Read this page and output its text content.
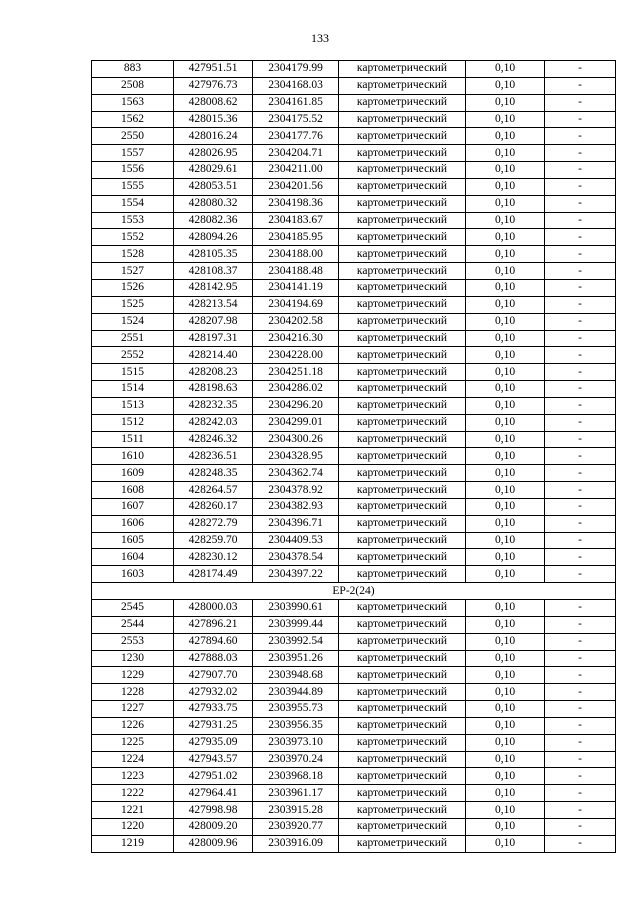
133
883	427951.51	2304179.99	картометрический	0,10	-
2508	427976.73	2304168.03	картометрический	0,10	-
1563	428008.62	2304161.85	картометрический	0,10	-
1562	428015.36	2304175.52	картометрический	0,10	-
2550	428016.24	2304177.76	картометрический	0,10	-
1557	428026.95	2304204.71	картометрический	0,10	-
1556	428029.61	2304211.00	картометрический	0,10	-
1555	428053.51	2304201.56	картометрический	0,10	-
1554	428080.32	2304198.36	картометрический	0,10	-
1553	428082.36	2304183.67	картометрический	0,10	-
1552	428094.26	2304185.95	картометрический	0,10	-
1528	428105.35	2304188.00	картометрический	0,10	-
1527	428108.37	2304188.48	картометрический	0,10	-
1526	428142.95	2304141.19	картометрический	0,10	-
1525	428213.54	2304194.69	картометрический	0,10	-
1524	428207.98	2304202.58	картометрический	0,10	-
2551	428197.31	2304216.30	картометрический	0,10	-
2552	428214.40	2304228.00	картометрический	0,10	-
1515	428208.23	2304251.18	картометрический	0,10	-
1514	428198.63	2304286.02	картометрический	0,10	-
1513	428232.35	2304296.20	картометрический	0,10	-
1512	428242.03	2304299.01	картометрический	0,10	-
1511	428246.32	2304300.26	картометрический	0,10	-
1610	428236.51	2304328.95	картометрический	0,10	-
1609	428248.35	2304362.74	картометрический	0,10	-
1608	428264.57	2304378.92	картометрический	0,10	-
1607	428260.17	2304382.93	картометрический	0,10	-
1606	428272.79	2304396.71	картометрический	0,10	-
1605	428259.70	2304409.53	картометрический	0,10	-
1604	428230.12	2304378.54	картометрический	0,10	-
1603	428174.49	2304397.22	картометрический	0,10	-
ЕР-2(24)					
2545	428000.03	2303990.61	картометрический	0,10	-
2544	427896.21	2303999.44	картометрический	0,10	-
2553	427894.60	2303992.54	картометрический	0,10	-
1230	427888.03	2303951.26	картометрический	0,10	-
1229	427907.70	2303948.68	картометрический	0,10	-
1228	427932.02	2303944.89	картометрический	0,10	-
1227	427933.75	2303955.73	картометрический	0,10	-
1226	427931.25	2303956.35	картометрический	0,10	-
1225	427935.09	2303973.10	картометрический	0,10	-
1224	427943.57	2303970.24	картометрический	0,10	-
1223	427951.02	2303968.18	картометрический	0,10	-
1222	427964.41	2303961.17	картометрический	0,10	-
1221	427998.98	2303915.28	картометрический	0,10	-
1220	428009.20	2303920.77	картометрический	0,10	-
1219	428009.96	2303916.09	картометрический	0,10	-
